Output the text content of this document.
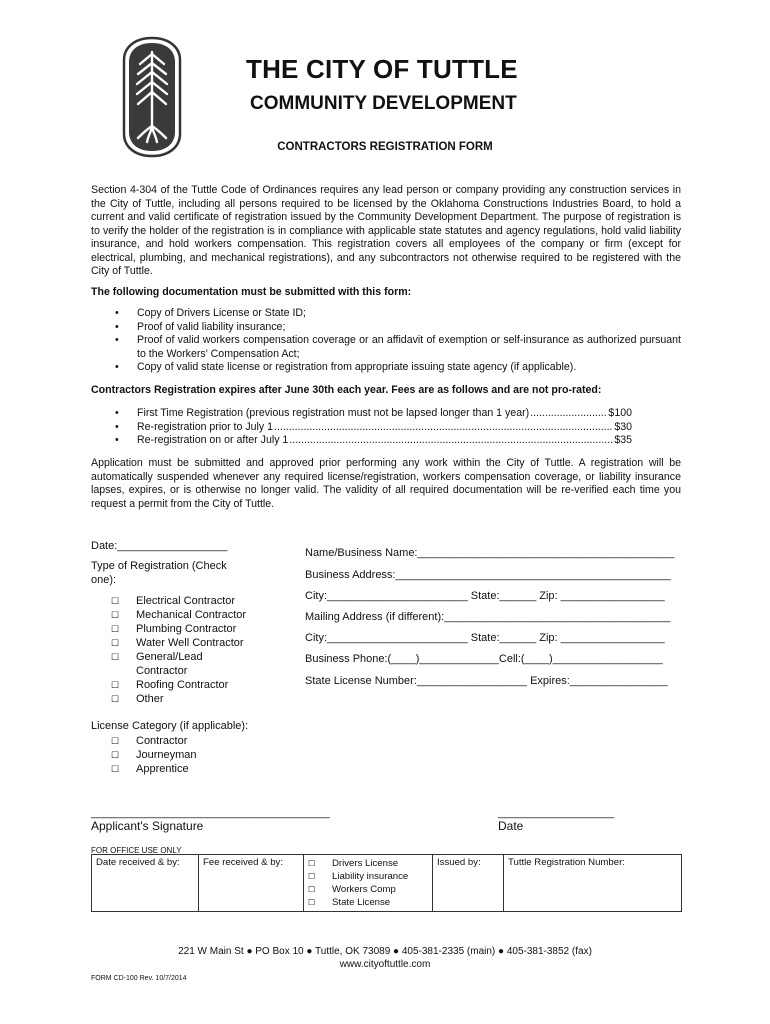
THE CITY OF TUTTLE
COMMUNITY DEVELOPMENT
CONTRACTORS REGISTRATION FORM
Section 4-304 of the Tuttle Code of Ordinances requires any lead person or company providing any construction services in the City of Tuttle, including all persons required to be licensed by the Oklahoma Constructions Industries Board, to hold a current and valid certificate of registration issued by the Community Development Department. The purpose of registration is to verify the holder of the registration is in compliance with applicable state statutes and agency regulations, hold valid liability insurance, and hold workers compensation. This registration covers all employees of the company or firm (except for electrical, plumbing, and mechanical registrations), and any subcontractors not otherwise required to be registered with the City of Tuttle.
The following documentation must be submitted with this form:
• Copy of Drivers License or State ID;
• Proof of valid liability insurance;
• Proof of valid workers compensation coverage or an affidavit of exemption or self-insurance as authorized pursuant to the Workers' Compensation Act;
• Copy of valid state license or registration from appropriate issuing state agency (if applicable).
Contractors Registration expires after June 30th each year. Fees are as follows and are not pro-rated:
• First Time Registration (previous registration must not be lapsed longer than 1 year) .....	$100
• Re-registration prior to July 1 .....	$30
• Re-registration on or after July 1 .....	$35
Application must be submitted and approved prior performing any work within the City of Tuttle. A registration will be automatically suspended whenever any required license/registration, workers compensation coverage, or liability insurance lapses, expires, or is otherwise no longer valid. The validity of all required documentation will be re-verified each time you request a permit from the City of Tuttle.
Date:__________________
Type of Registration (Check one):
☐	Electrical Contractor
☐	Mechanical Contractor
☐	Plumbing Contractor
☐	Water Well Contractor
☐	General/Lead Contractor
☐	Roofing Contractor
☐	Other
License Category (if applicable):
☐	Contractor
☐	Journeyman
☐	Apprentice
Name/Business Name:__________________________________________
Business Address:_____________________________________________
City:_______________________ State:______ Zip: _________________
Mailing Address (if different):_____________________________________
City:_______________________ State:______ Zip: _________________
Business Phone:(____)_____________Cell:(____)__________________
State License Number:__________________ Expires:________________
_______________________________________
Applicant's Signature
___________________
Date
FOR OFFICE USE ONLY
Date received & by:	Fee received & by:	☐ Drivers License
☐ Liability insurance
☐ Workers Comp
☐ State License
	Issued by:	Tuttle Registration Number:
221 W Main St ● PO Box 10 ● Tuttle, OK 73089 ● 405-381-2335 (main) ● 405-381-3852 (fax)
www.cityoftuttle.com
FORM CD-100 Rev. 10/7/2014
